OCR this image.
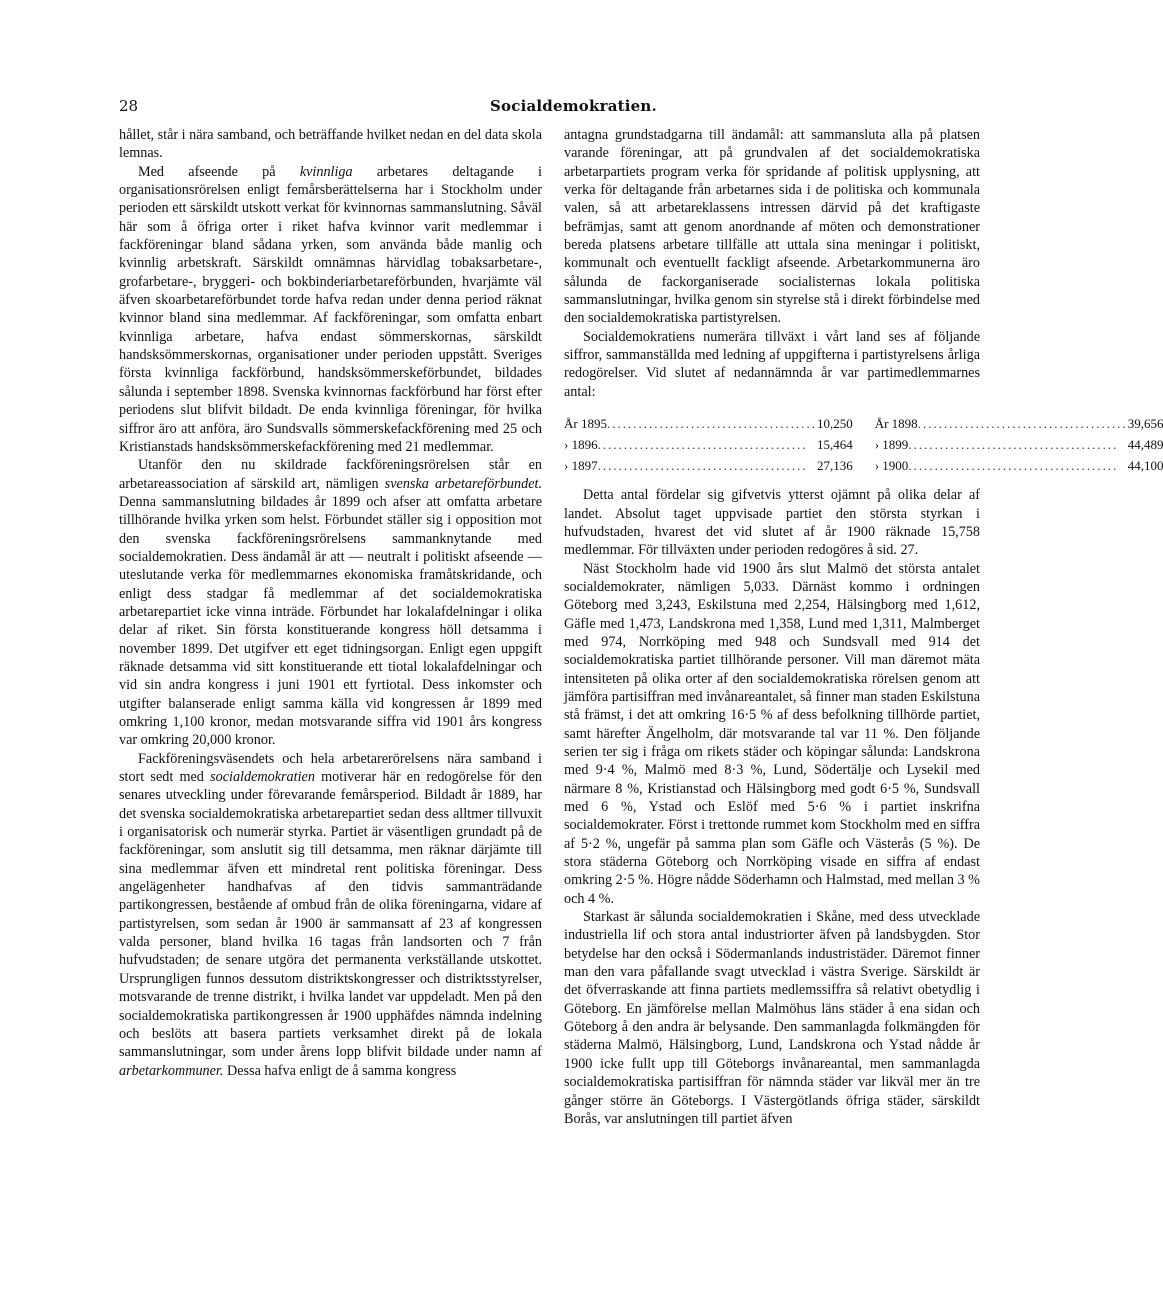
28	Socialdemokratien.

hållet, står i nära samband, och beträffande hvilket nedan en del data skola lemnas.

Med afseende på kvinnliga arbetares deltagande i organisationsrörelsen enligt femårsberättelserna har i Stockholm under perioden ett särskildt utskott verkat för kvinnornas sammanslutning. Såväl här som å öfriga orter i riket hafva kvinnor varit medlemmar i fackföreningar bland sådana yrken, som använda både manlig och kvinnlig arbetskraft. Särskildt omnämnas härvidlag tobaksarbetare-, grofarbetare-, bryggeri- och bokbinderiarbetareförbunden, hvarjämte väl äfven skoarbetareförbundet torde hafva redan under denna period räknat kvinnor bland sina medlemmar. Af fackföreningar, som omfatta enbart kvinnliga arbetare, hafva endast sömmerskornas, särskildt handsksömmerskornas, organisationer under perioden uppstått. Sveriges första kvinnliga fackförbund, handsksömmerskeförbundet, bildades sålunda i september 1898. Svenska kvinnornas fackförbund har först efter periodens slut blifvit bildadt. De enda kvinnliga föreningar, för hvilka siffror äro att anföra, äro Sundsvalls sömmerskefackförening med 25 och Kristianstads handsksömmerskefackförening med 21 medlemmar.

Utanför den nu skildrade fackföreningsrörelsen står en arbetareassociation af särskild art, nämligen svenska arbetareförbundet. Denna sammanslutning bildades år 1899 och afser att omfatta arbetare tillhörande hvilka yrken som helst. Förbundet ställer sig i opposition mot den svenska fackföreningsrörelsens sammanknytande med socialdemokratien. Dess ändamål är att — neutralt i politiskt afseende — uteslutande verka för medlemmarnes ekonomiska framåtskridande, och enligt dess stadgar få medlemmar af det socialdemokratiska arbetarepartiet icke vinna inträde. Förbundet har lokalafdelningar i olika delar af riket. Sin första konstituerande kongress höll detsamma i november 1899. Det utgifver ett eget tidningsorgan. Enligt egen uppgift räknade detsamma vid sitt konstituerande ett tiotal lokalafdelningar och vid sin andra kongress i juni 1901 ett fyrtiotal. Dess inkomster och utgifter balanserade enligt samma källa vid kongressen år 1899 med omkring 1,100 kronor, medan motsvarande siffra vid 1901 års kongress var omkring 20,000 kronor.

Fackföreningsväsendets och hela arbetarerörelsens nära samband i stort sedt med socialdemokratien motiverar här en redogörelse för den senares utveckling under förevarande femårsperiod. Bildadt år 1889, har det svenska socialdemokratiska arbetarepartiet sedan dess alltmer tillvuxit i organisatorisk och numerär styrka. Partiet är väsentligen grundadt på de fackföreningar, som anslutit sig till detsamma, men räknar därjämte till sina medlemmar äfven ett mindretal rent politiska föreningar. Dess angelägenheter handhafvas af den tidvis sammanträdande partikongressen, bestående af ombud från de olika föreningarna, vidare af partistyrelsen, som sedan år 1900 är sammansatt af 23 af kongressen valda personer, bland hvilka 16 tagas från landsorten och 7 från hufvudstaden; de senare utgöra det permanenta verkställande utskottet. Ursprungligen funnos dessutom distriktskongresser och distriktsstyrelser, motsvarande de trenne distrikt, i hvilka landet var uppdeladt. Men på den socialdemokratiska partikongressen år 1900 upphäfdes nämnda indelning och beslöts att basera partiets verksamhet direkt på de lokala sammanslutningar, som under årens lopp blifvit bildade under namn af arbetarkommuner. Dessa hafva enligt de å samma kongress

antagna grundstadgarna till ändamål: att sammansluta alla på platsen varande föreningar, att på grundvalen af det socialdemokratiska arbetarpartiets program verka för spridande af politisk upplysning, att verka för deltagande från arbetarnes sida i de politiska och kommunala valen, så att arbetareklassens intressen därvid på det kraftigaste befrämjas, samt att genom anordnande af möten och demonstrationer bereda platsens arbetare tillfälle att uttala sina meningar i politiskt, kommunalt och eventuellt fackligt afseende. Arbetarkommunerna äro sålunda de fackorganiserade socialisternas lokala politiska sammanslutningar, hvilka genom sin styrelse stå i direkt förbindelse med den socialdemokratiska partistyrelsen.

Socialdemokratiens numerära tillväxt i vårt land ses af följande siffror, sammanställda med ledning af uppgifterna i partistyrelsens årliga redogörelser. Vid slutet af nedannämnda år var partimedlemmarnes antal:

År 1895 .....	10,250 År 1898 .....	39,656
› 1896 .....	15,464 › 1899 .....	44,489
› 1897 .....	27,136 › 1900 .....	44,100

Detta antal fördelar sig gifvetvis ytterst ojämnt på olika delar af landet. Absolut taget uppvisade partiet den största styrkan i hufvudstaden, hvarest det vid slutet af år 1900 räknade 15,758 medlemmar. För tillväxten under perioden redogöres å sid. 27.

Näst Stockholm hade vid 1900 års slut Malmö det största antalet socialdemokrater, nämligen 5,033. Därnäst kommo i ordningen Göteborg med 3,243, Eskilstuna med 2,254, Hälsingborg med 1,612, Gäfle med 1,473, Landskrona med 1,358, Lund med 1,311, Malmberget med 974, Norrköping med 948 och Sundsvall med 914 det socialdemokratiska partiet tillhörande personer. Vill man däremot mäta intensiteten på olika orter af den socialdemokratiska rörelsen genom att jämföra partisiffran med invånareantalet, så finner man staden Eskilstuna stå främst, i det att omkring 16·5 % af dess befolkning tillhörde partiet, samt härefter Ängelholm, där motsvarande tal var 11 %. Den följande serien ter sig i fråga om rikets städer och köpingar sålunda: Landskrona med 9·4 %, Malmö med 8·3 %, Lund, Södertälje och Lysekil med närmare 8 %, Kristianstad och Hälsingborg med godt 6·5 %, Sundsvall med 6 %, Ystad och Eslöf med 5·6 % i partiet inskrifna socialdemokrater. Först i trettonde rummet kom Stockholm med en siffra af 5·2 %, ungefär på samma plan som Gäfle och Västerås (5 %). De stora städerna Göteborg och Norrköping visade en siffra af endast omkring 2·5 %. Högre nådde Söderhamn och Halmstad, med mellan 3 % och 4 %.

Starkast är sålunda socialdemokratien i Skåne, med dess utvecklade industriella lif och stora antal industriorter äfven på landsbygden. Stor betydelse har den också i Södermanlands industristäder. Däremot finner man den vara påfallande svagt utvecklad i västra Sverige. Särskildt är det öfverraskande att finna partiets medlemssiffra så relativt obetydlig i Göteborg. En jämförelse mellan Malmöhus läns städer å ena sidan och Göteborg å den andra är belysande. Den sammanlagda folkmängden för städerna Malmö, Hälsingborg, Lund, Landskrona och Ystad nådde år 1900 icke fullt upp till Göteborgs invånareantal, men sammanlagda socialdemokratiska partisiffran för nämnda städer var likväl mer än tre gånger större än Göteborgs. I Västergötlands öfriga städer, särskildt Borås, var anslutningen till partiet äfven
